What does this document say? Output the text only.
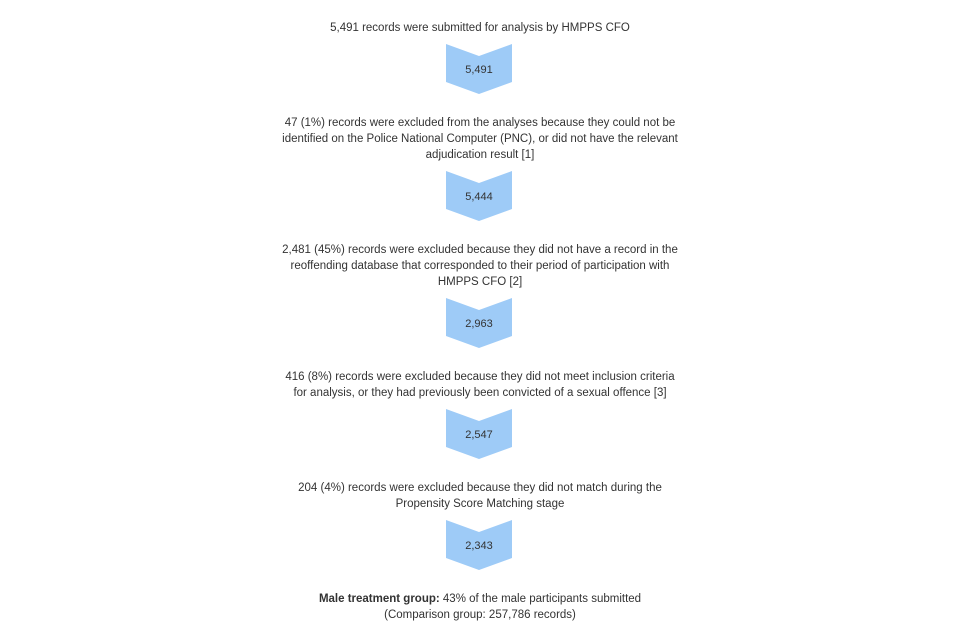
5,491 records were submitted for analysis by HMPPS CFO
5,491
47 (1%) records were excluded from the analyses because they could not be identified on the Police National Computer (PNC), or did not have the relevant adjudication result [1]
5,444
2,481 (45%) records were excluded because they did not have a record in the reoffending database that corresponded to their period of participation with HMPPS CFO [2]
2,963
416 (8%) records were excluded because they did not meet inclusion criteria for analysis, or they had previously been convicted of a sexual offence [3]
2,547
204 (4%) records were excluded because they did not match during the Propensity Score Matching stage
2,343
Male treatment group: 43% of the male participants submitted
(Comparison group: 257,786 records)
